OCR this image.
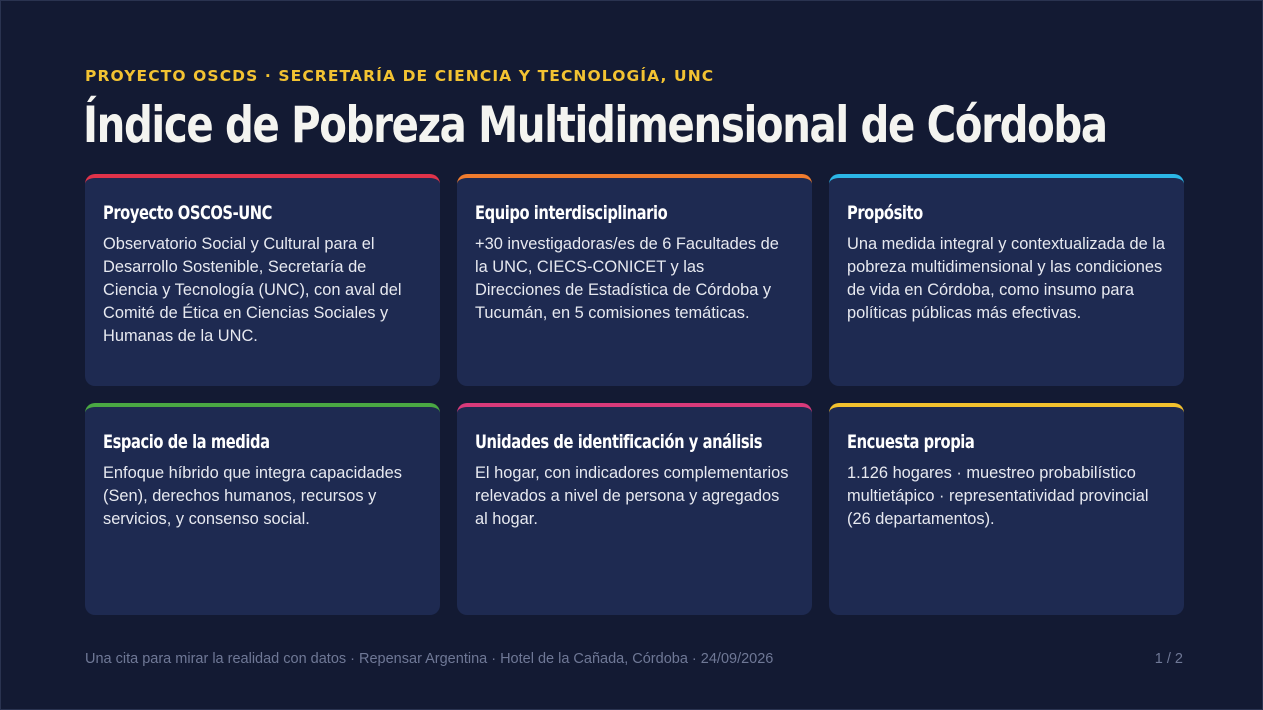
PROYECTO OSCDS · SECRETARÍA DE CIENCIA Y TECNOLOGÍA, UNC
Índice de Pobreza Multidimensional de Córdoba
Proyecto OSCOS-UNC

Observatorio Social y Cultural para el Desarrollo Sostenible, Secretaría de Ciencia y Tecnología (UNC), con aval del Comité de Ética en Ciencias Sociales y Humanas de la UNC.

Equipo interdisciplinario

+30 investigadoras/es de 6 Facultades de la UNC, CIECS-CONICET y las Direcciones de Estadística de Córdoba y Tucumán, en 5 comisiones temáticas.

Propósito

Una medida integral y contextualizada de la pobreza multidimensional y las condiciones de vida en Córdoba, como insumo para políticas públicas más efectivas.

Espacio de la medida

Enfoque híbrido que integra capacidades (Sen), derechos humanos, recursos y servicios, y consenso social.

Unidades de identificación y análisis

El hogar, con indicadores complementarios relevados a nivel de persona y agregados al hogar.

Encuesta propia

1.126 hogares · muestreo probabilístico multietápico · representatividad provincial (26 departamentos).

Una cita para mirar la realidad con datos · Repensar Argentina · Hotel de la Cañada, Córdoba · 24/09/2026	1 / 2
